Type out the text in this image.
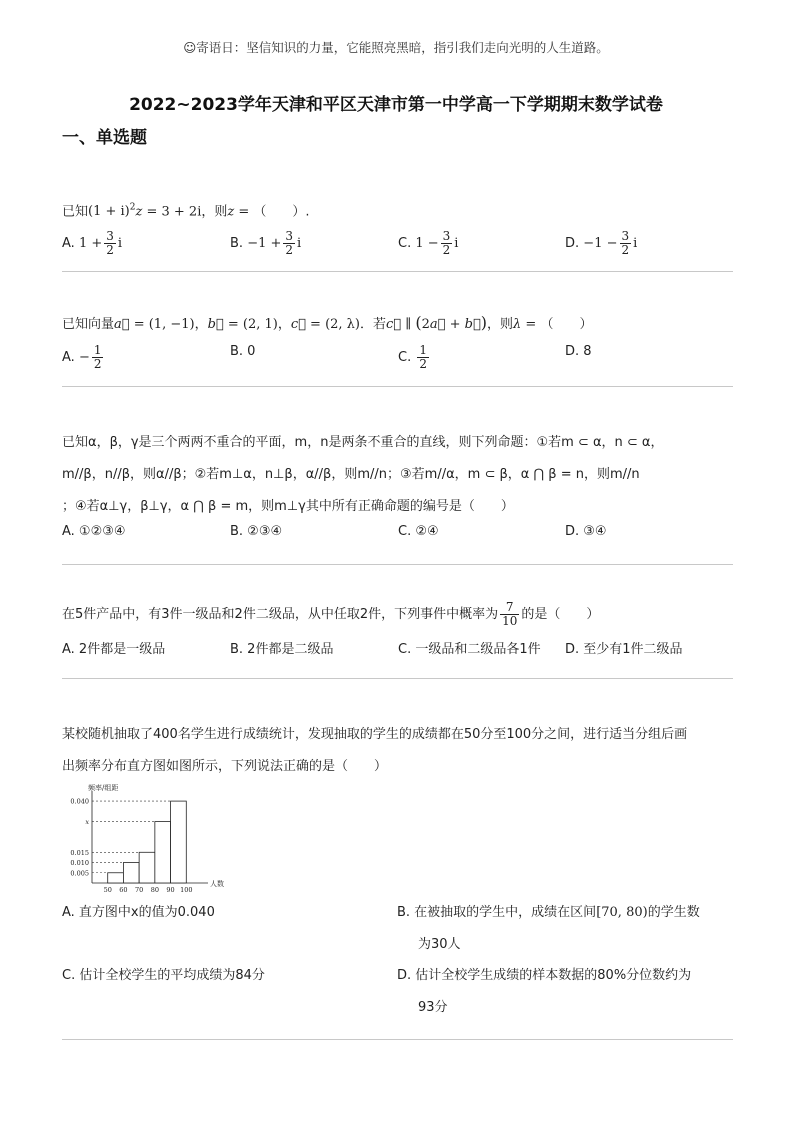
☺寄语日：坚信知识的力量，它能照亮黑暗，指引我们走向光明的人生道路。
2022~2023学年天津和平区天津市第一中学高一下学期期末数学试卷
一、单选题
已知$(1 + i)^2z = 3 + 2i$，则z = （　　）.
A. $1 + \frac{3}{2}$ i	B. $-1 + \frac{3}{2}$ i	C. $1 - \frac{3}{2}$ i	D. $-1 - \frac{3}{2}$ i
已知向量a⃗ = (1, −1)，b⃗ = (2, 1)，c⃗ = (2, λ)．若c⃗ ∥ (2a⃗ + b⃗)，则λ = （　　）
A. − $\frac{1}{2}$	B. 0	C. $\frac{1}{2}$	D. 8
已知α，β，γ是三个两两不重合的平面，m，n是两条不重合的直线，则下列命题：①若m ⊂ α，n ⊂ α，
m//β，n//β，则α//β；②若m⊥α，n⊥β，α//β，则m//n；③若m//α，m ⊂ β，α ⋂ β = n，则m//n
；④若α⊥γ，β⊥γ，α ⋂ β = m，则m⊥γ其中所有正确命题的编号是（　　）
A. ①②③④	B. ②③④	C. ②④	D. ③④
在5件产品中，有3件一级品和2件二级品，从中任取2件，下列事件中概率为 $\frac{7}{10}$ 的是（　　）
A. 2件都是一级品	B. 2件都是二级品	C. 一级品和二级品各1件 D. 至少有1件二级品
某校随机抽取了400名学生进行成绩统计，发现抽取的学生的成绩都在50分至100分之间，进行适当分组后画
出频率分布直方图如图所示，下列说法正确的是（　　）
频率/组距
0.040
x
0.015
0.010
0.005
50 60 70 80 90 100
人数
A. 直方图中x的值为0.040	B. 在被抽取的学生中，成绩在区间[70, 80)的学生数
为30人
C. 估计全校学生的平均成绩为84分	D. 估计全校学生成绩的样本数据的80%分位数约为
93分
